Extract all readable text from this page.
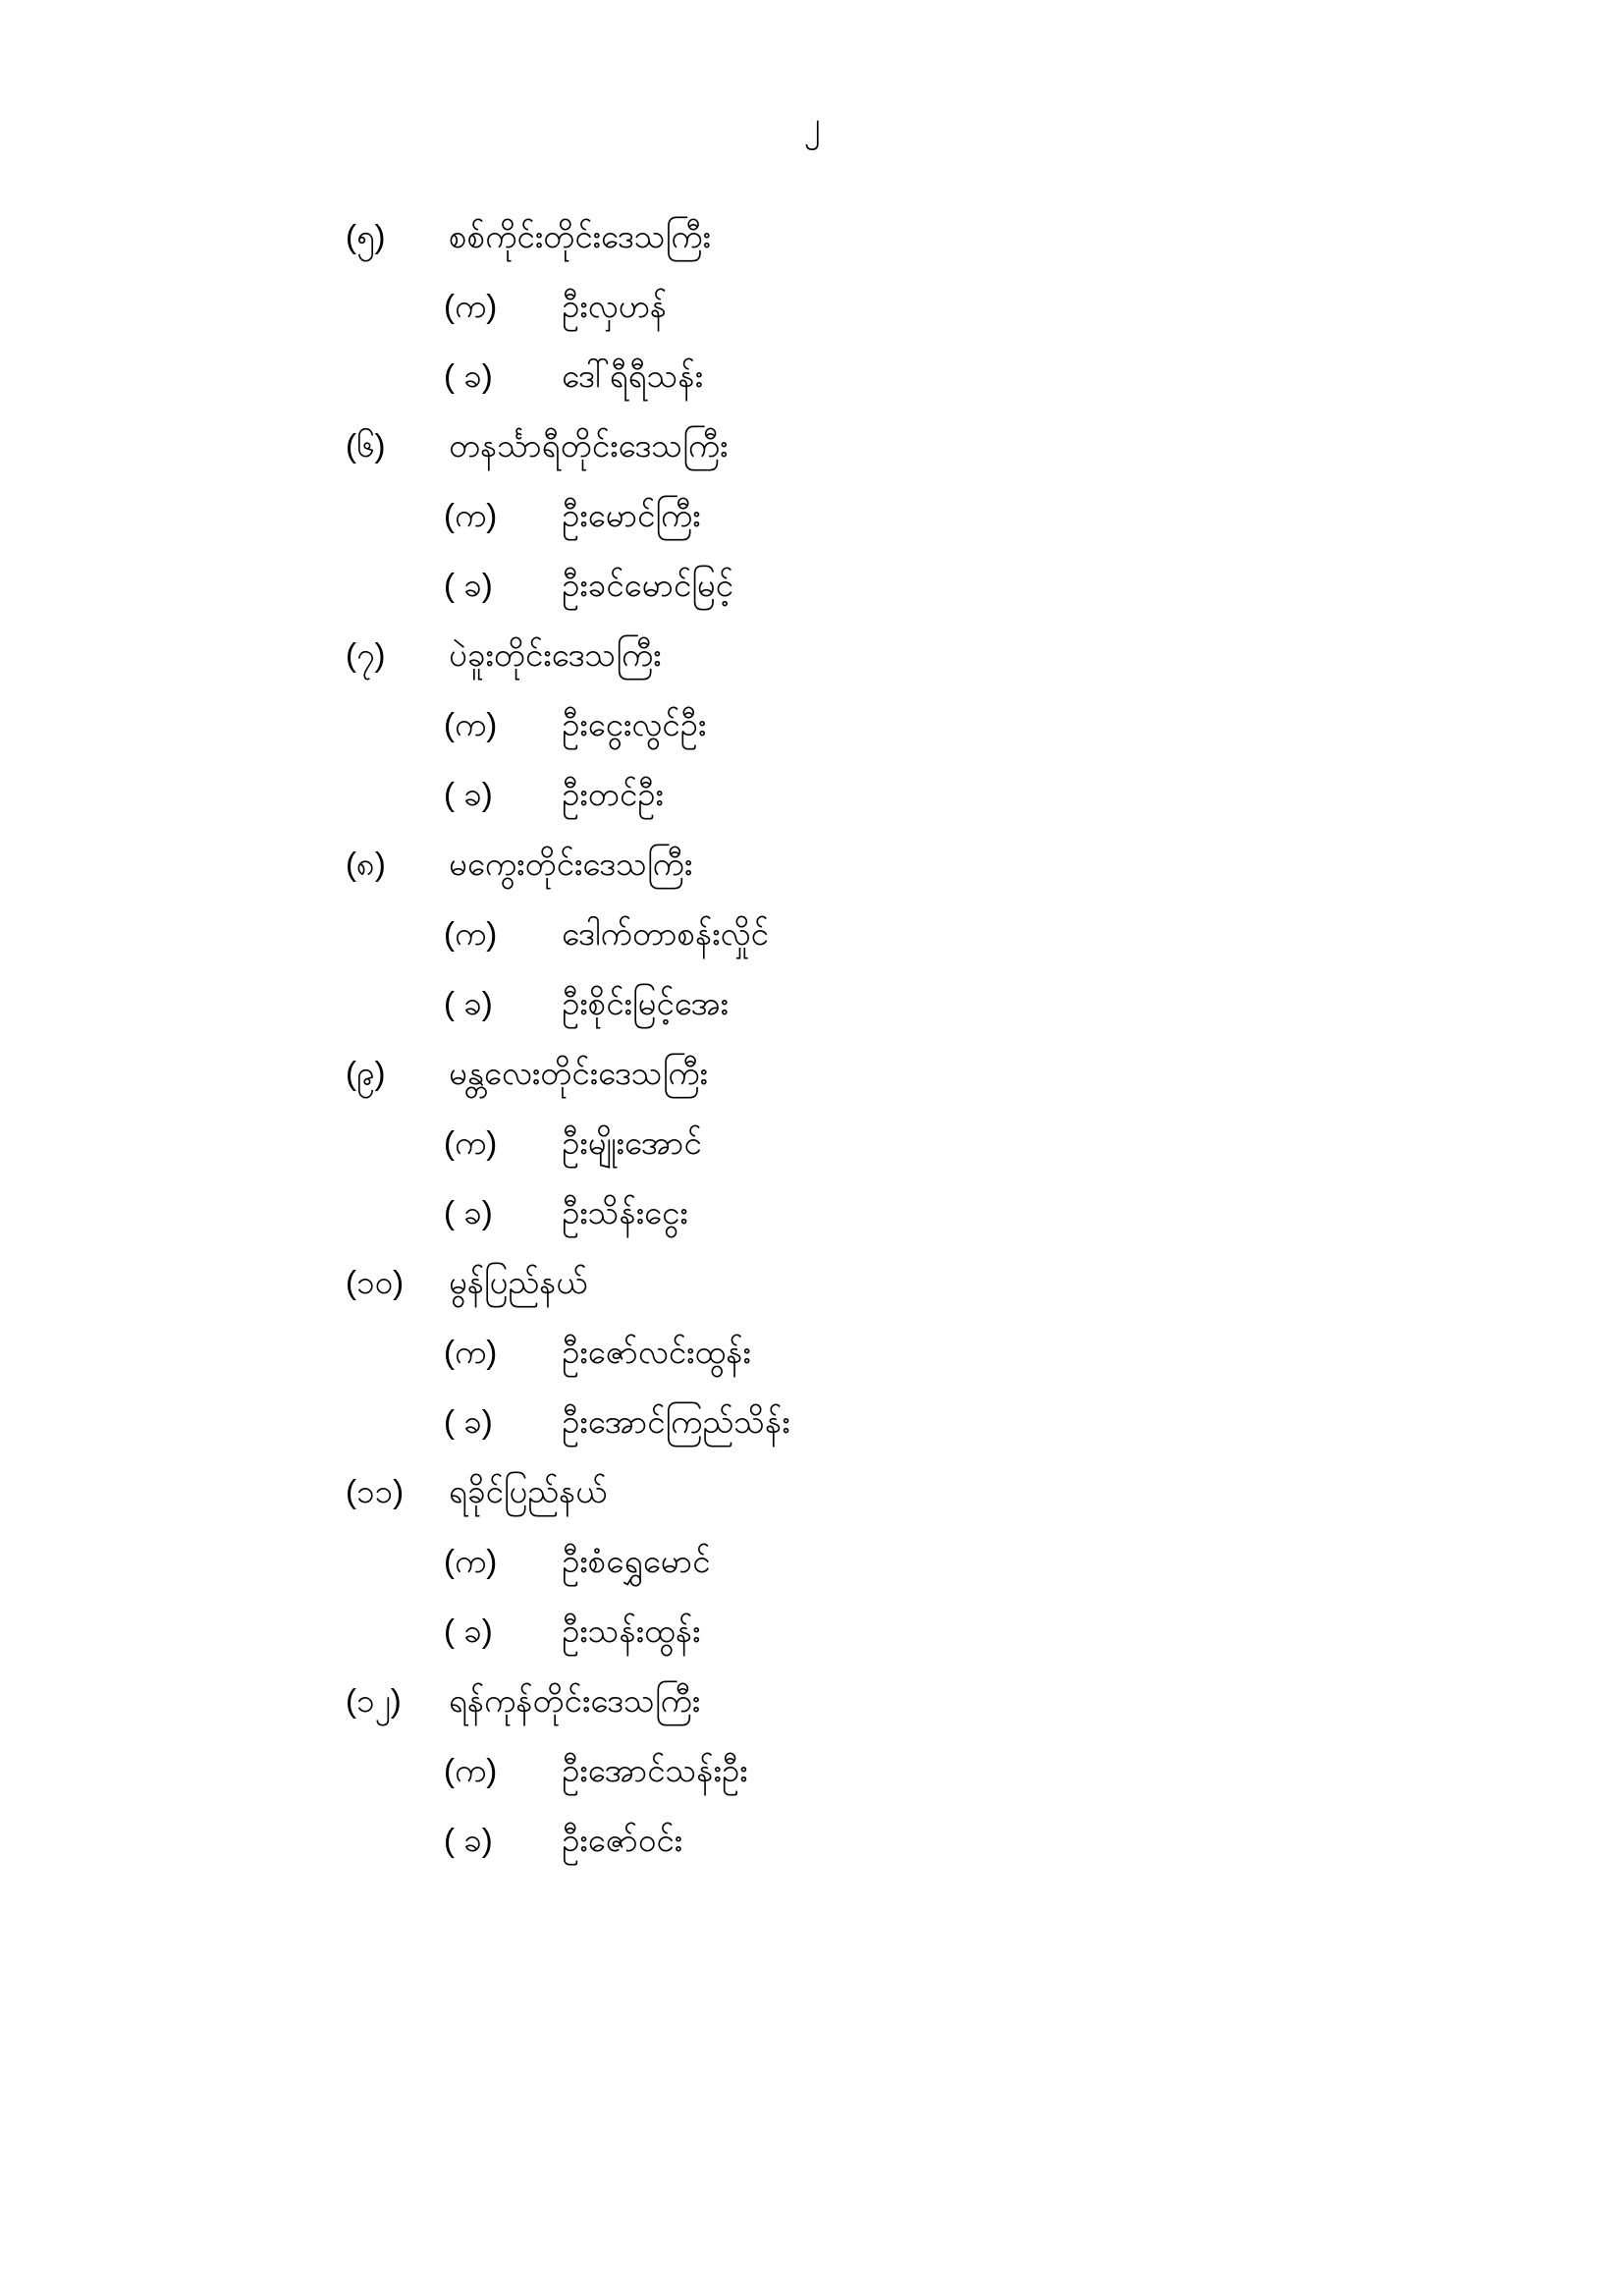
၂
(၅)	စစ်ကိုင်းတိုင်းဒေသကြီး
(က)	ဦးလှဟန်
( ခ)	ဒေါ်ရီရီသန်း
(၆)	တနင်္သာရီတိုင်းဒေသကြီး
(က)	ဦးမောင်ကြီး
( ခ)	ဦးခင်မောင်မြင့်
(၇)	ပဲခူးတိုင်းဒေသကြီး
(က)	ဦးငွေးလွင်ဦး
( ခ)	ဦးတင်ဦး
(၈)	မကွေးတိုင်းဒေသကြီး
(က)	ဒေါက်တာစန်းလှိုင်
( ခ)	ဦးစိုင်းမြင့်အေး
(၉)	မန္တလေးတိုင်းဒေသကြီး
(က)	ဦးမျိုးအောင်
( ခ)	ဦးသိန်းငွေး
(၁၀)	မွန်ပြည်နယ်
(က)	ဦးဇော်လင်းထွန်း
( ခ)	ဦးအောင်ကြည်သိန်း
(၁၁)	ရခိုင်ပြည်နယ်
(က)	ဦးစံရွှေမောင်
( ခ)	ဦးသန်းထွန်း
(၁၂)	ရန်ကုန်တိုင်းဒေသကြီး
(က)	ဦးအောင်သန်းဦး
( ခ)	ဦးဇော်ဝင်း
